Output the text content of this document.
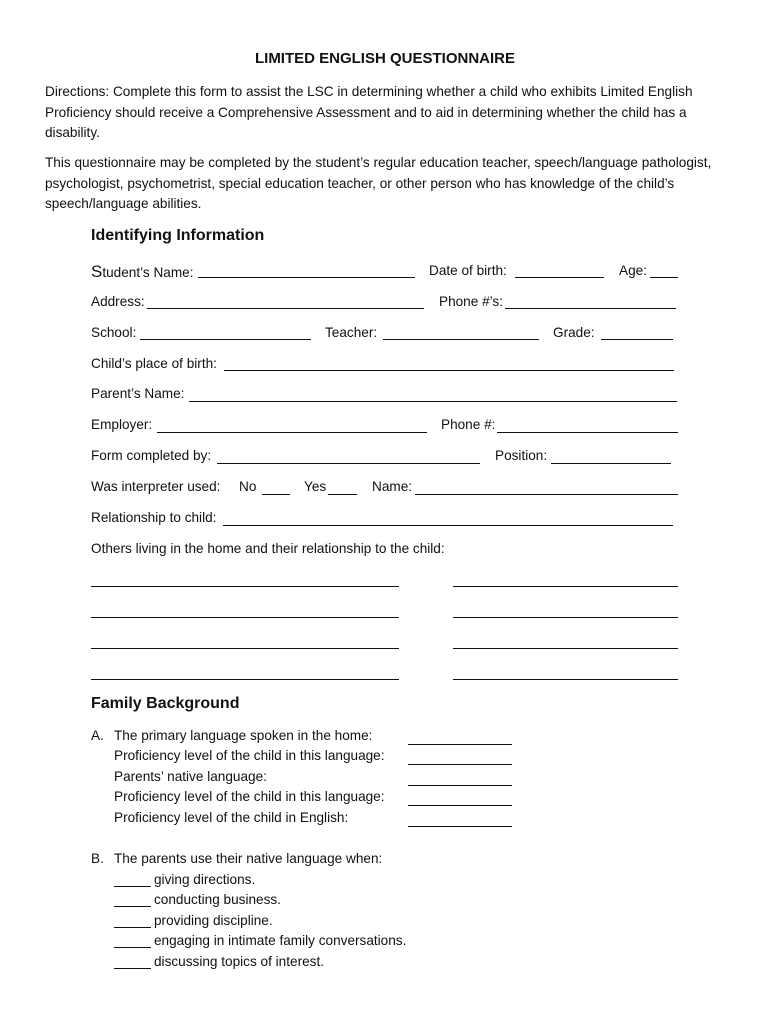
LIMITED ENGLISH QUESTIONNAIRE
Directions: Complete this form to assist the LSC in determining whether a child who exhibits Limited English Proficiency should receive a Comprehensive Assessment and to aid in determining whether the child has a disability.
This questionnaire may be completed by the student’s regular education teacher, speech/language pathologist, psychologist, psychometrist, special education teacher, or other person who has knowledge of the child’s speech/language abilities.
Identifying Information
Student’s Name:	Date of birth:	Age:
Address:	Phone #’s:
School:	Teacher:	Grade:
Child’s place of birth:
Parent’s Name:
Employer:	Phone #:
Form completed by:	Position:
Was interpreter used: No	Yes	Name:
Relationship to child:
Others living in the home and their relationship to the child:
Family Background
A. The primary language spoken in the home:
Proficiency level of the child in this language:
Parents’ native language:
Proficiency level of the child in this language:
Proficiency level of the child in English:
B. The parents use their native language when:
giving directions.
conducting business.
providing discipline.
engaging in intimate family conversations.
discussing topics of interest.
